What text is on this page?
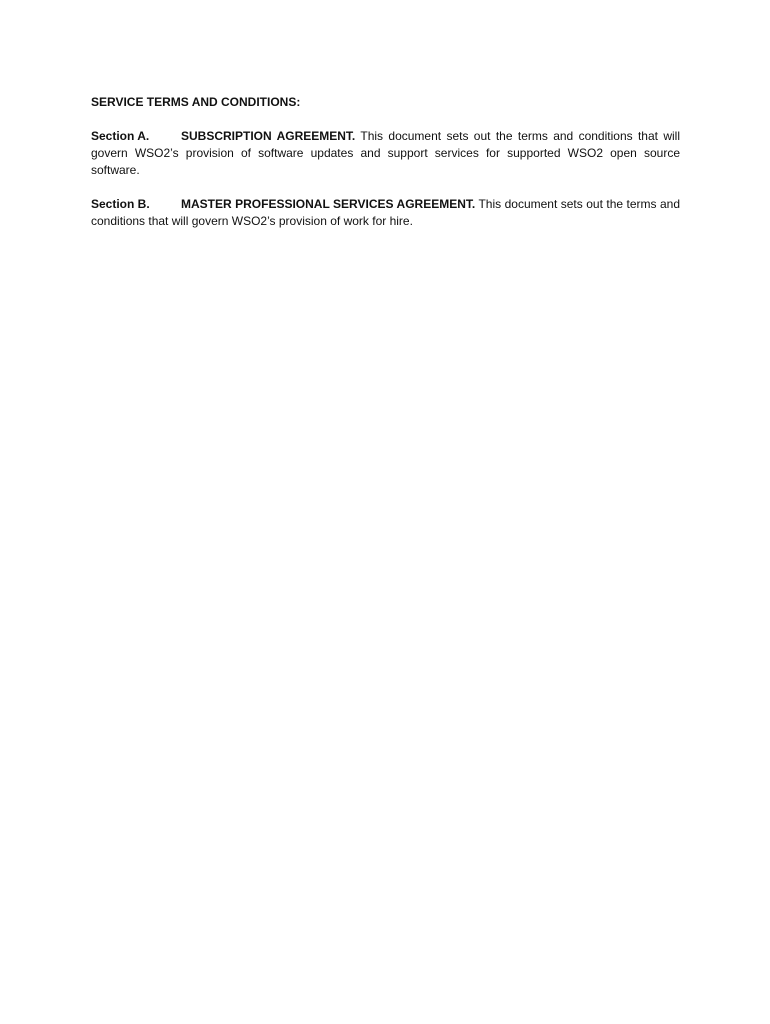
SERVICE TERMS AND CONDITIONS:

Section A.	SUBSCRIPTION AGREEMENT. This document sets out the terms and conditions that will govern WSO2’s provision of software updates and support services for supported WSO2 open source software.

Section B.	MASTER PROFESSIONAL SERVICES AGREEMENT. This document sets out the terms and conditions that will govern WSO2’s provision of work for hire.
